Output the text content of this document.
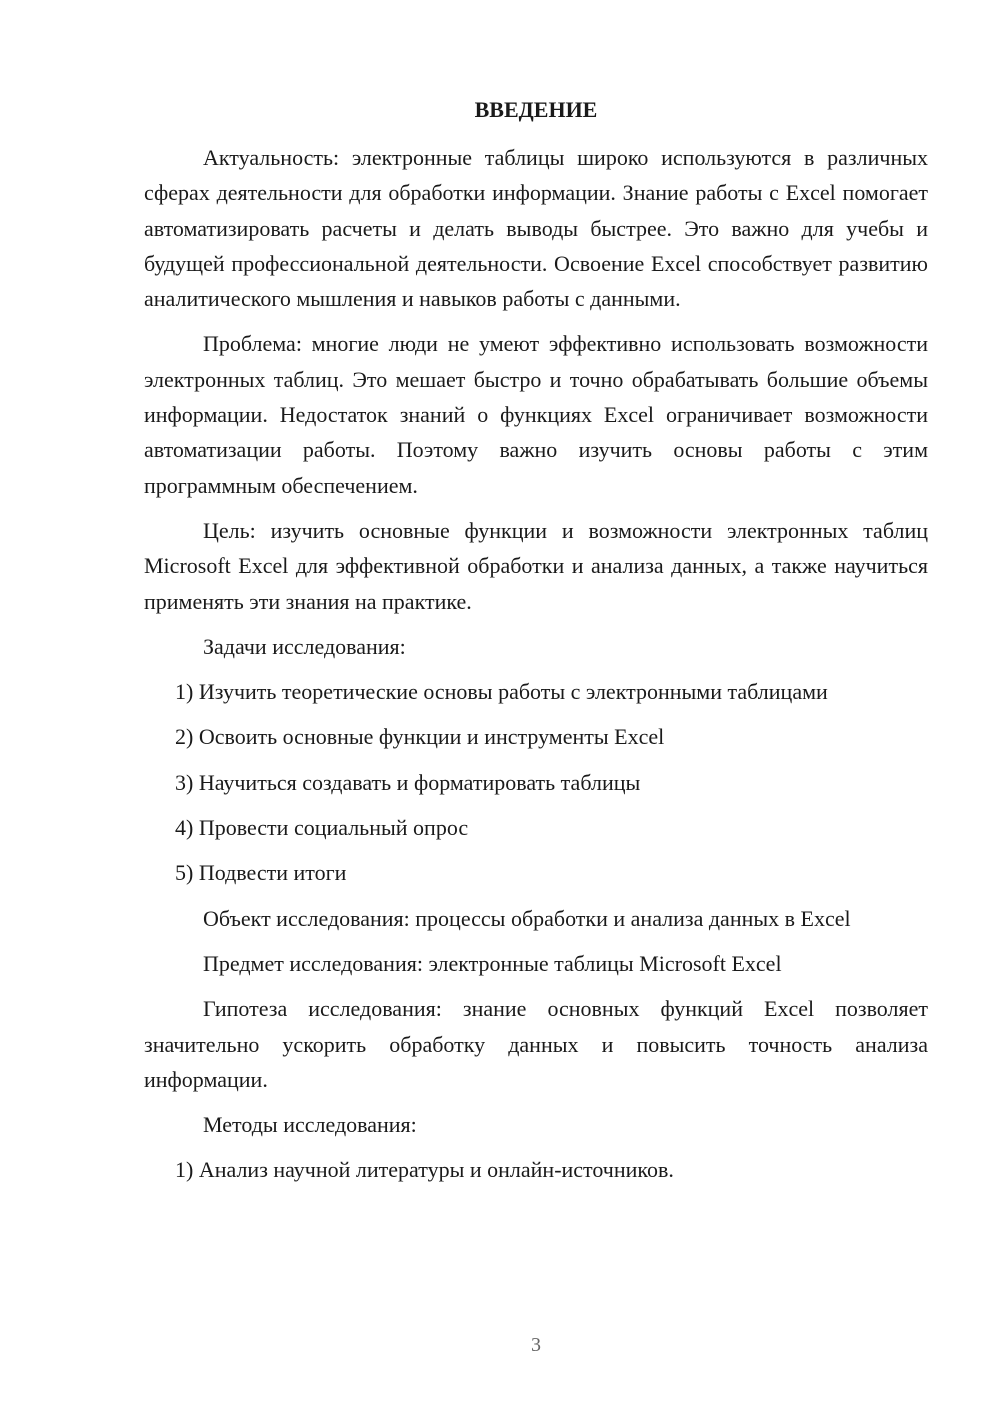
ВВЕДЕНИЕ

Актуальность: электронные таблицы широко используются в различных сферах деятельности для обработки информации. Знание работы с Excel помогает автоматизировать расчеты и делать выводы быстрее. Это важно для учебы и будущей профессиональной деятельности. Освоение Excel способствует развитию аналитического мышления и навыков работы с данными.

Проблема: многие люди не умеют эффективно использовать возможности электронных таблиц. Это мешает быстро и точно обрабатывать большие объемы информации. Недостаток знаний о функциях Excel ограничивает возможности автоматизации работы. Поэтому важно изучить основы работы с этим программным обеспечением.

Цель: изучить основные функции и возможности электронных таблиц Microsoft Excel для эффективной обработки и анализа данных, а также научиться применять эти знания на практике.

Задачи исследования:

1) Изучить теоретические основы работы с электронными таблицами
2) Освоить основные функции и инструменты Excel
3) Научиться создавать и форматировать таблицы
4) Провести социальный опрос
5) Подвести итоги

Объект исследования: процессы обработки и анализа данных в Excel

Предмет исследования: электронные таблицы Microsoft Excel

Гипотеза исследования: знание основных функций Excel позволяет значительно ускорить обработку данных и повысить точность анализа информации.

Методы исследования:

1) Анализ научной литературы и онлайн-источников.
3
